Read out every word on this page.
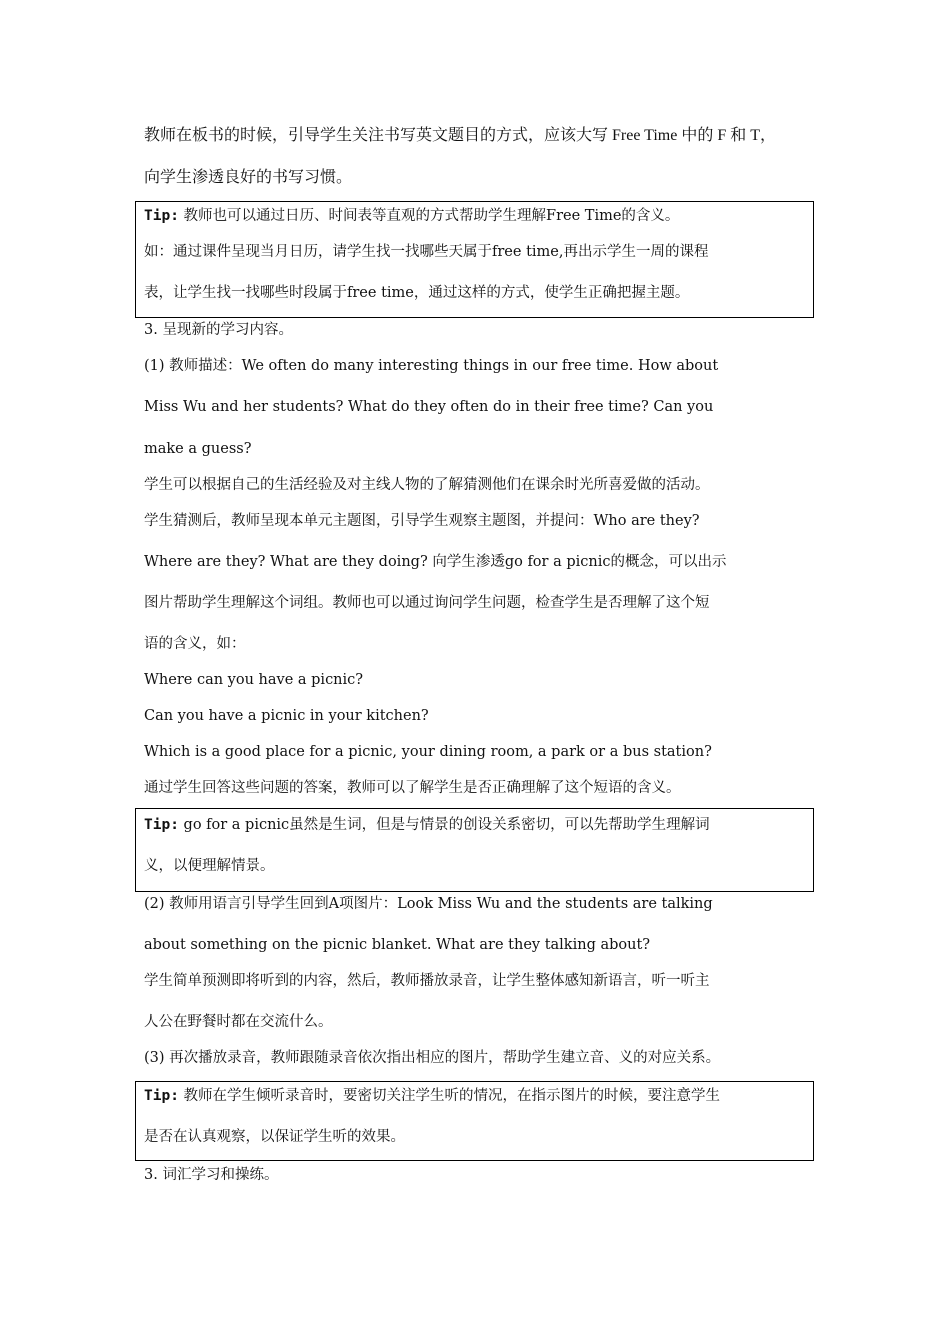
教师在板书的时候，引导学生关注书写英文题目的方式，应该大写 Free Time 中的 F 和 T，
向学生渗透良好的书写习惯。
Tip: 教师也可以通过日历、时间表等直观的方式帮助学生理解Free Time的含义。
如：通过课件呈现当月日历，请学生找一找哪些天属于free time,再出示学生一周的课程
表，让学生找一找哪些时段属于free time，通过这样的方式，使学生正确把握主题。
3. 呈现新的学习内容。
(1) 教师描述：We often do many interesting things in our free time. How about
Miss Wu and her students? What do they often do in their free time? Can you
make a guess?
学生可以根据自己的生活经验及对主线人物的了解猜测他们在课余时光所喜爱做的活动。
学生猜测后，教师呈现本单元主题图，引导学生观察主题图，并提问：Who are they?
Where are they? What are they doing? 向学生渗透go for a picnic的概念，可以出示
图片帮助学生理解这个词组。教师也可以通过询问学生问题，检查学生是否理解了这个短
语的含义，如：
Where can you have a picnic?
Can you have a picnic in your kitchen?
Which is a good place for a picnic, your dining room, a park or a bus station?
通过学生回答这些问题的答案，教师可以了解学生是否正确理解了这个短语的含义。
Tip: go for a picnic虽然是生词，但是与情景的创设关系密切，可以先帮助学生理解词
义，以便理解情景。
(2) 教师用语言引导学生回到A项图片：Look Miss Wu and the students are talking
about something on the picnic blanket. What are they talking about?
学生简单预测即将听到的内容，然后，教师播放录音，让学生整体感知新语言，听一听主
人公在野餐时都在交流什么。
(3) 再次播放录音，教师跟随录音依次指出相应的图片，帮助学生建立音、义的对应关系。
Tip: 教师在学生倾听录音时，要密切关注学生听的情况，在指示图片的时候，要注意学生
是否在认真观察，以保证学生听的效果。
3. 词汇学习和操练。
